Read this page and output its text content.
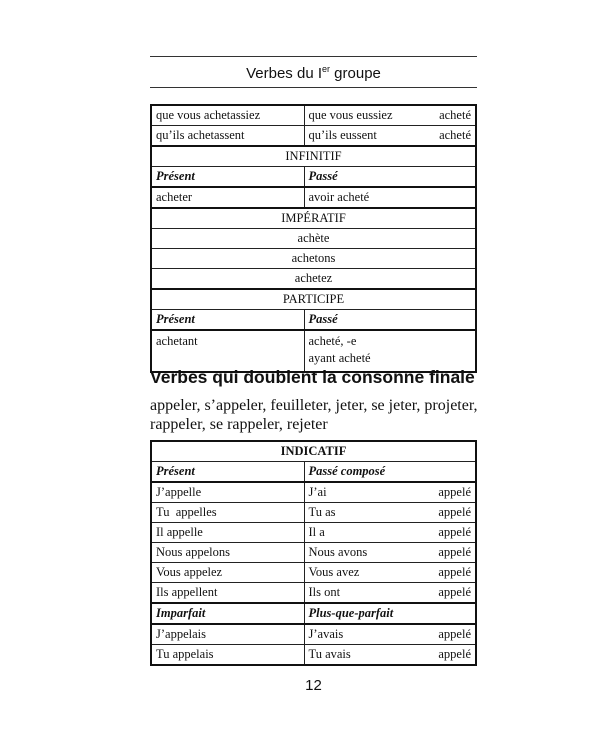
Verbes du Ier groupe
que vous achetassiez	que vous eussiez acheté

qu’ils achetassent	qu’ils eussent acheté

INFINITIF	
Présent	Passé
acheter	avoir acheté
IMPÉRATIF	
achète	
achetons	
achetez	
PARTICIPE	
Présent	Passé
achetant	acheté, -e
ayant acheté
Verbes qui doublent la consonne finale

appeler, s’appeler, feuilleter, jeter, se jeter, projeter, rappeler, se rappeler, rejeter

INDICATIF	
Présent	Passé composé
J’appelle	J’ai appelé

Tu  appelles	Tu as appelé

Il appelle	Il a appelé

Nous appelons	Nous avons appelé

Vous appelez	Vous avez appelé

Ils appellent	Ils ont appelé

Imparfait	Plus-que-parfait
J’appelais	J’avais appelé

Tu appelais	Tu avais appelé
12
